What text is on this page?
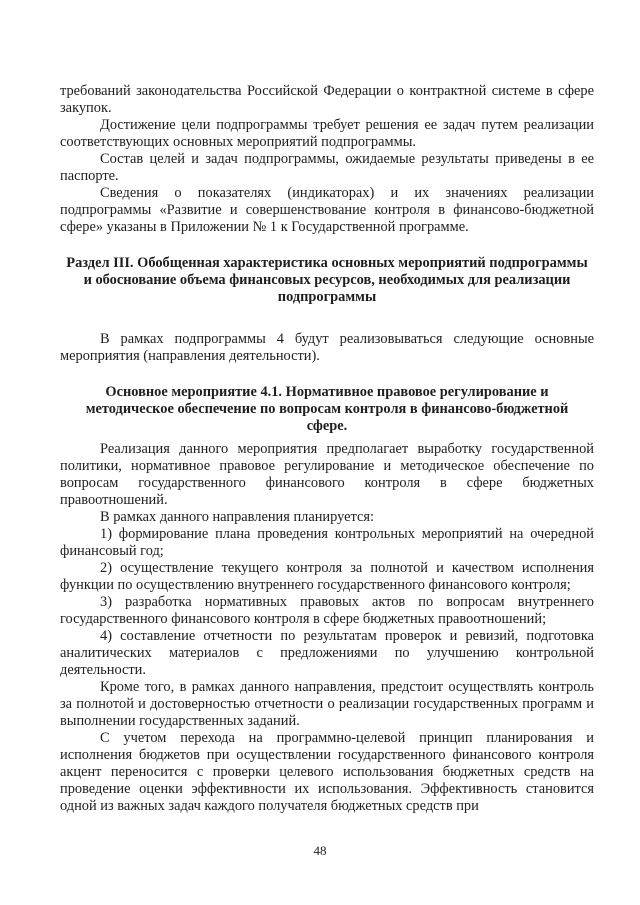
требований законодательства Российской Федерации о контрактной системе в сфере закупок.

Достижение цели подпрограммы требует решения ее задач путем реализации соответствующих основных мероприятий подпрограммы.

Состав целей и задач подпрограммы, ожидаемые результаты приведены в ее паспорте.

Сведения о показателях (индикаторах) и их значениях реализации подпрограммы «Развитие и совершенствование контроля в финансово-бюджетной сфере» указаны в Приложении № 1 к Государственной программе.

Раздел III. Обобщенная характеристика основных мероприятий подпрограммы и обоснование объема финансовых ресурсов, необходимых для реализации подпрограммы

В рамках подпрограммы 4 будут реализовываться следующие основные мероприятия (направления деятельности).

Основное мероприятие 4.1. Нормативное правовое регулирование и методическое обеспечение по вопросам контроля в финансово-бюджетной сфере.

Реализация данного мероприятия предполагает выработку государственной политики, нормативное правовое регулирование и методическое обеспечение по вопросам государственного финансового контроля в сфере бюджетных правоотношений.

В рамках данного направления планируется:

1) формирование плана проведения контрольных мероприятий на очередной финансовый год;

2) осуществление текущего контроля за полнотой и качеством исполнения функции по осуществлению внутреннего государственного финансового контроля;

3) разработка нормативных правовых актов по вопросам внутреннего государственного финансового контроля в сфере бюджетных правоотношений;

4) составление отчетности по результатам проверок и ревизий, подготовка аналитических материалов с предложениями по улучшению контрольной деятельности.

Кроме того, в рамках данного направления, предстоит осуществлять контроль за полнотой и достоверностью отчетности о реализации государственных программ и выполнении государственных заданий.

С учетом перехода на программно-целевой принцип планирования и исполнения бюджетов при осуществлении государственного финансового контроля акцент переносится с проверки целевого использования бюджетных средств на проведение оценки эффективности их использования. Эффективность становится одной из важных задач каждого получателя бюджетных средств при

48
